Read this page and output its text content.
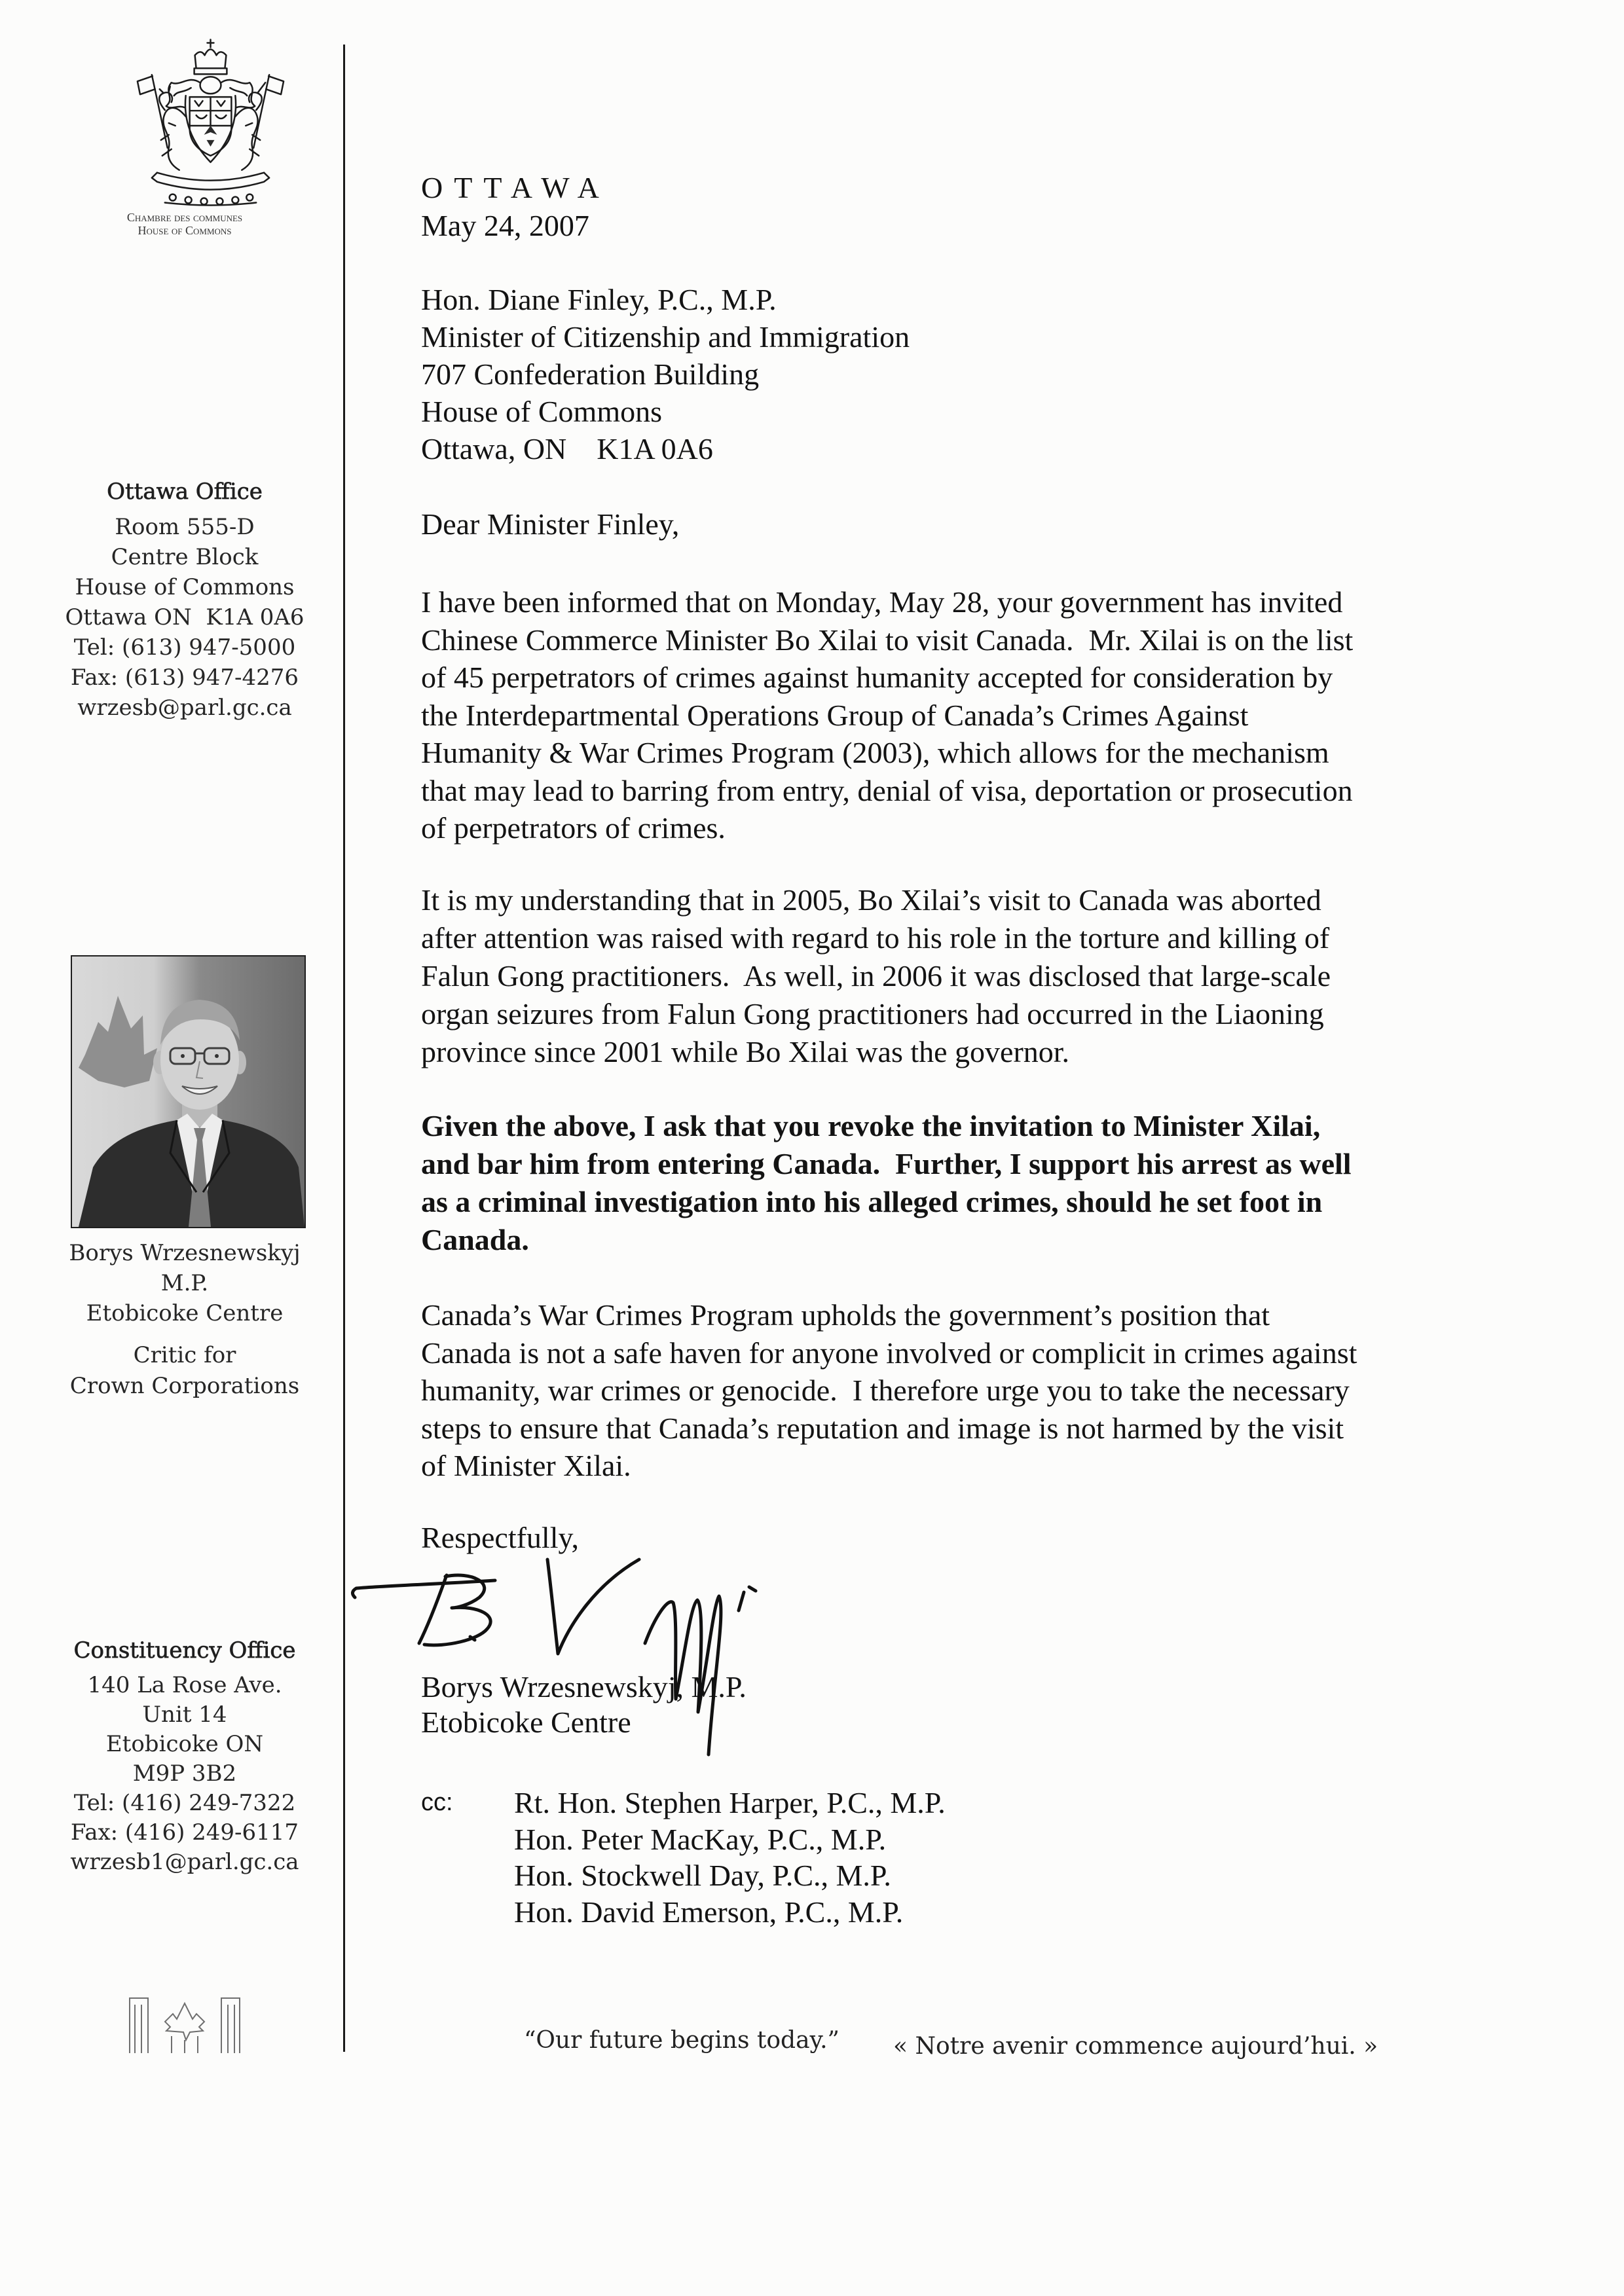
Chambre des communes
House of Commons
Ottawa Office
Room 555-D
Centre Block
House of Commons
Ottawa ON  K1A 0A6
Tel: (613) 947-5000
Fax: (613) 947-4276
wrzesb@parl.gc.ca
Borys Wrzesnewskyj
M.P.
Etobicoke Centre
Critic for
Crown Corporations
Constituency Office
140 La Rose Ave.
Unit 14
Etobicoke ON
M9P 3B2
Tel: (416) 249-7322
Fax: (416) 249-6117
wrzesb1@parl.gc.ca
OTTAWA
May 24, 2007
Hon. Diane Finley, P.C., M.P.
Minister of Citizenship and Immigration
707 Confederation Building
House of Commons
Ottawa, ON    K1A 0A6
Dear Minister Finley,
I have been informed that on Monday, May 28, your government has invited
Chinese Commerce Minister Bo Xilai to visit Canada.  Mr. Xilai is on the list
of 45 perpetrators of crimes against humanity accepted for consideration by
the Interdepartmental Operations Group of Canada’s Crimes Against
Humanity & War Crimes Program (2003), which allows for the mechanism
that may lead to barring from entry, denial of visa, deportation or prosecution
of perpetrators of crimes.
It is my understanding that in 2005, Bo Xilai’s visit to Canada was aborted
after attention was raised with regard to his role in the torture and killing of
Falun Gong practitioners.  As well, in 2006 it was disclosed that large-scale
organ seizures from Falun Gong practitioners had occurred in the Liaoning
province since 2001 while Bo Xilai was the governor.
Given the above, I ask that you revoke the invitation to Minister Xilai,
and bar him from entering Canada.  Further, I support his arrest as well
as a criminal investigation into his alleged crimes, should he set foot in
Canada.
Canada’s War Crimes Program upholds the government’s position that
Canada is not a safe haven for anyone involved or complicit in crimes against
humanity, war crimes or genocide.  I therefore urge you to take the necessary
steps to ensure that Canada’s reputation and image is not harmed by the visit
of Minister Xilai.
Respectfully,
Borys Wrzesnewskyj, M.P.
Etobicoke Centre
cc: Rt. Hon. Stephen Harper, P.C., M.P.
Hon. Peter MacKay, P.C., M.P.
Hon. Stockwell Day, P.C., M.P.
Hon. David Emerson, P.C., M.P.
“Our future begins today.” « Notre avenir commence aujourd’hui. »
